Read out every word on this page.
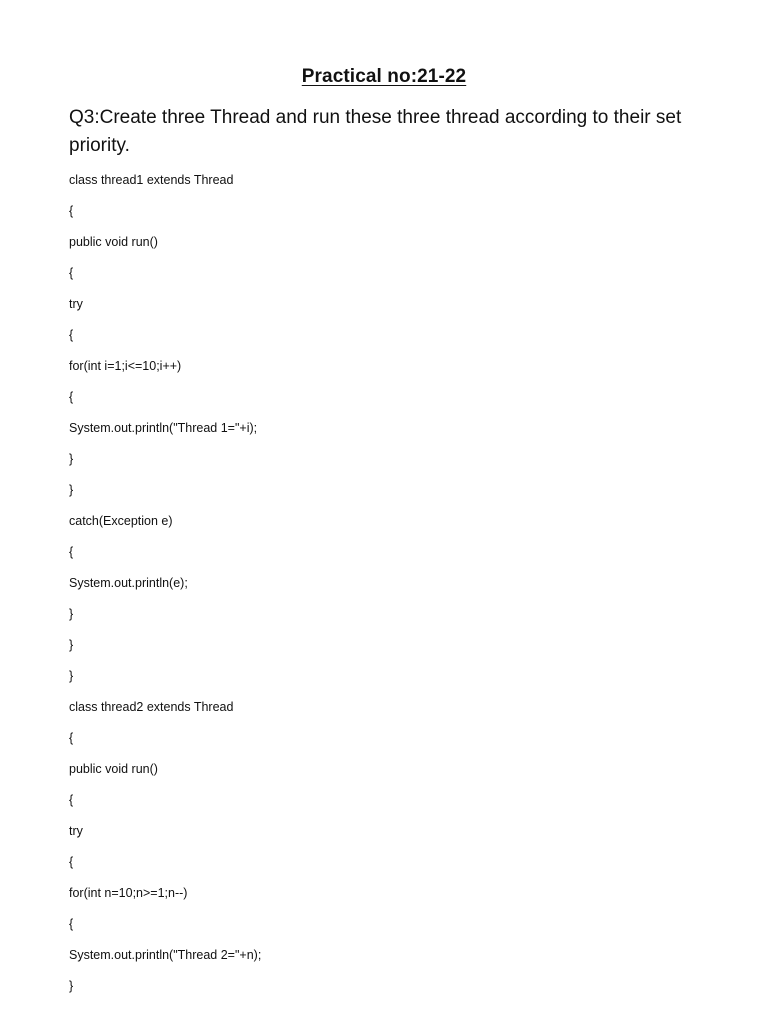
Practical no:21-22

Q3:Create three Thread and run these three thread according to their set priority.

class thread1 extends Thread
{
public void run()
{
try
{
for(int i=1;i<=10;i++)
{
System.out.println("Thread 1="+i);
}
}
catch(Exception e)
{
System.out.println(e);
}
}
}
class thread2 extends Thread
{
public void run()
{
try
{
for(int n=10;n>=1;n--)
{
System.out.println("Thread 2="+n);
}
